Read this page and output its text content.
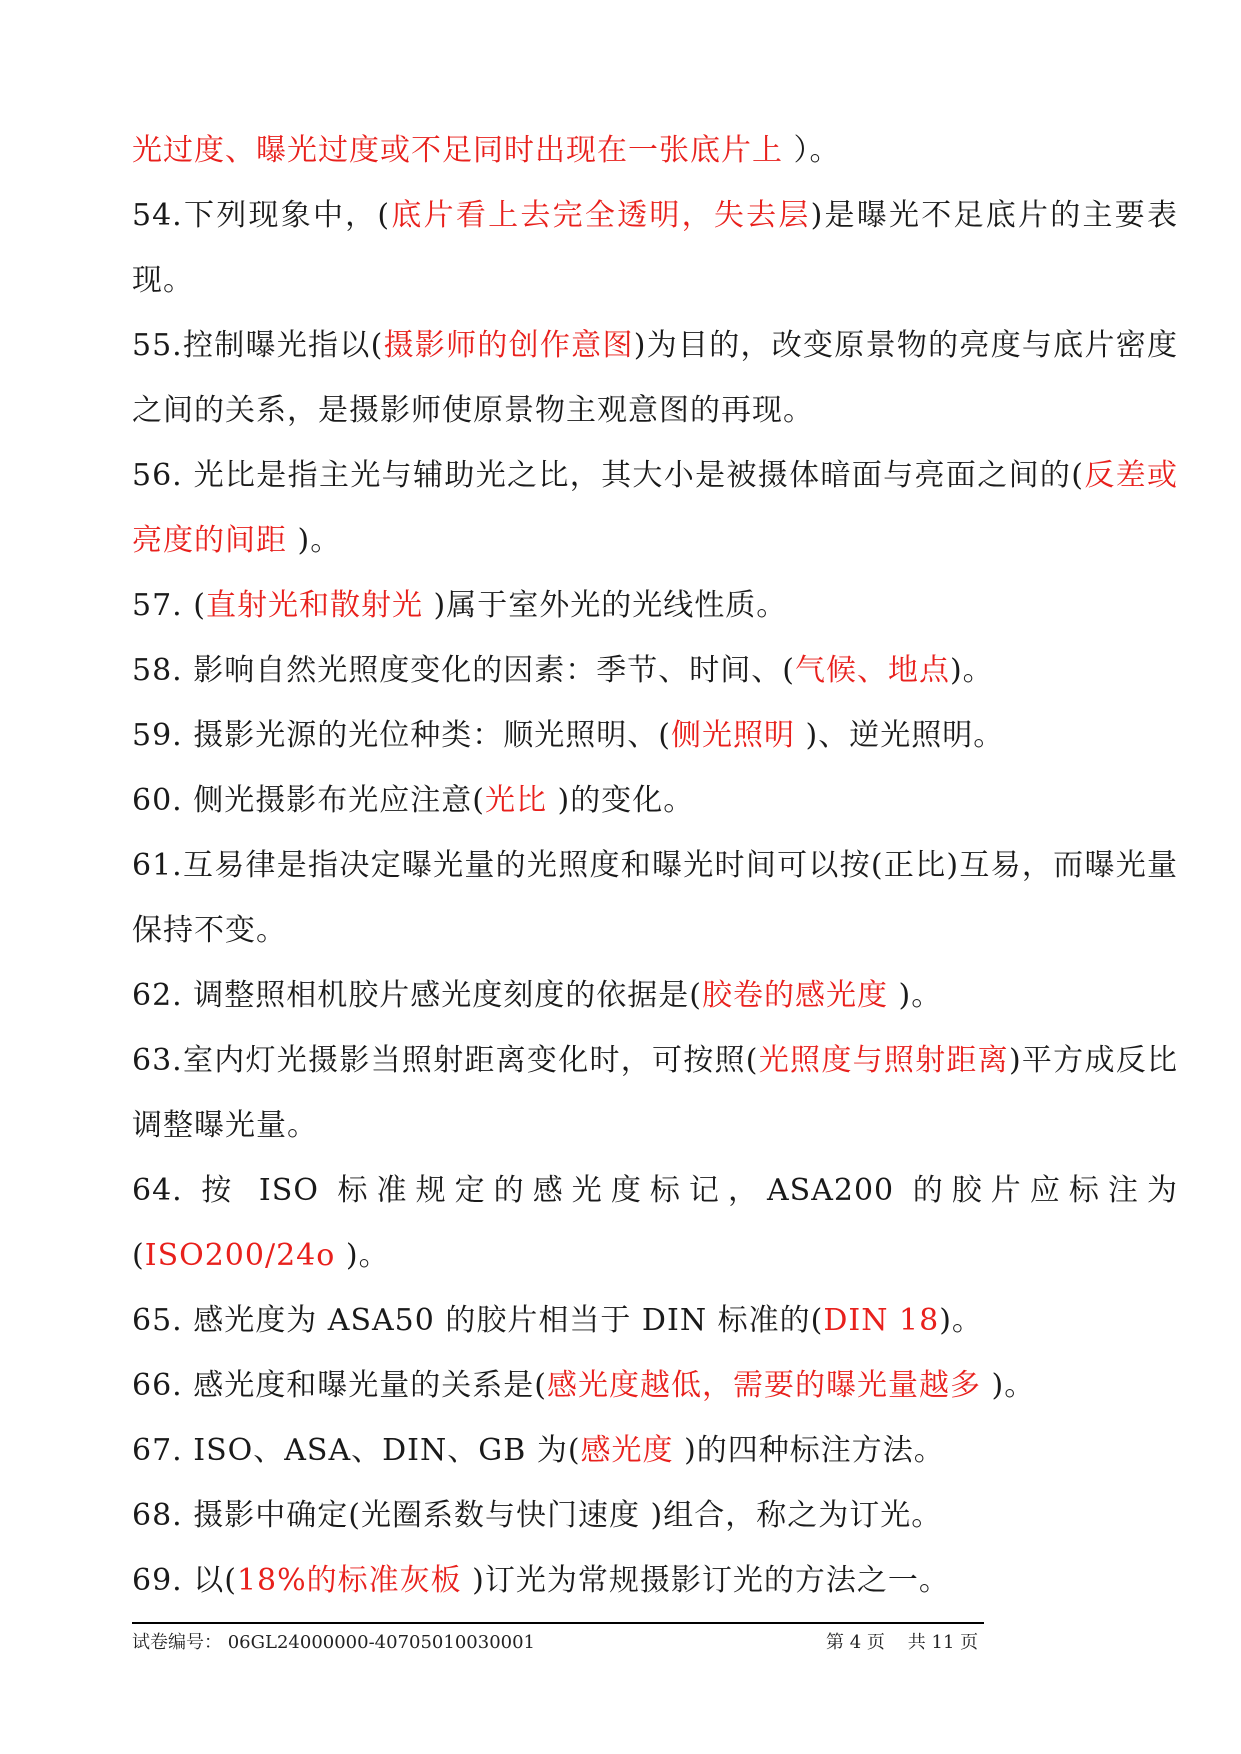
光过度、曝光过度或不足同时出现在一张底片上 ）。

54.下列现象中，(底片看上去完全透明，失去层)是曝光不足底片的主要表现。

55.控制曝光指以(摄影师的创作意图)为目的，改变原景物的亮度与底片密度之间的关系，是摄影师使原景物主观意图的再现。

56. 光比是指主光与辅助光之比，其大小是被摄体暗面与亮面之间的(反差或亮度的间距 )。

57. (直射光和散射光 )属于室外光的光线性质。

58. 影响自然光照度变化的因素：季节、时间、(气候、地点)。

59. 摄影光源的光位种类：顺光照明、(侧光照明 )、逆光照明。

60. 侧光摄影布光应注意(光比 )的变化。

61.互易律是指决定曝光量的光照度和曝光时间可以按(正比)互易，而曝光量保持不变。

62. 调整照相机胶片感光度刻度的依据是(胶卷的感光度 )。

63.室内灯光摄影当照射距离变化时，可按照(光照度与照射距离)平方成反比调整曝光量。

64. 按 ISO 标准规定的感光度标记，ASA200 的胶片应标注为(ISO200/24o )。

65. 感光度为 ASA50 的胶片相当于 DIN 标准的(DIN 18)。

66. 感光度和曝光量的关系是(感光度越低，需要的曝光量越多 )。

67. ISO、ASA、DIN、GB 为(感光度 )的四种标注方法。

68. 摄影中确定(光圈系数与快门速度 )组合，称之为订光。

69. 以(18%的标准灰板 )订光为常规摄影订光的方法之一。

试卷编号： 06GL24000000-40705010030001	第 4 页    共 11 页
